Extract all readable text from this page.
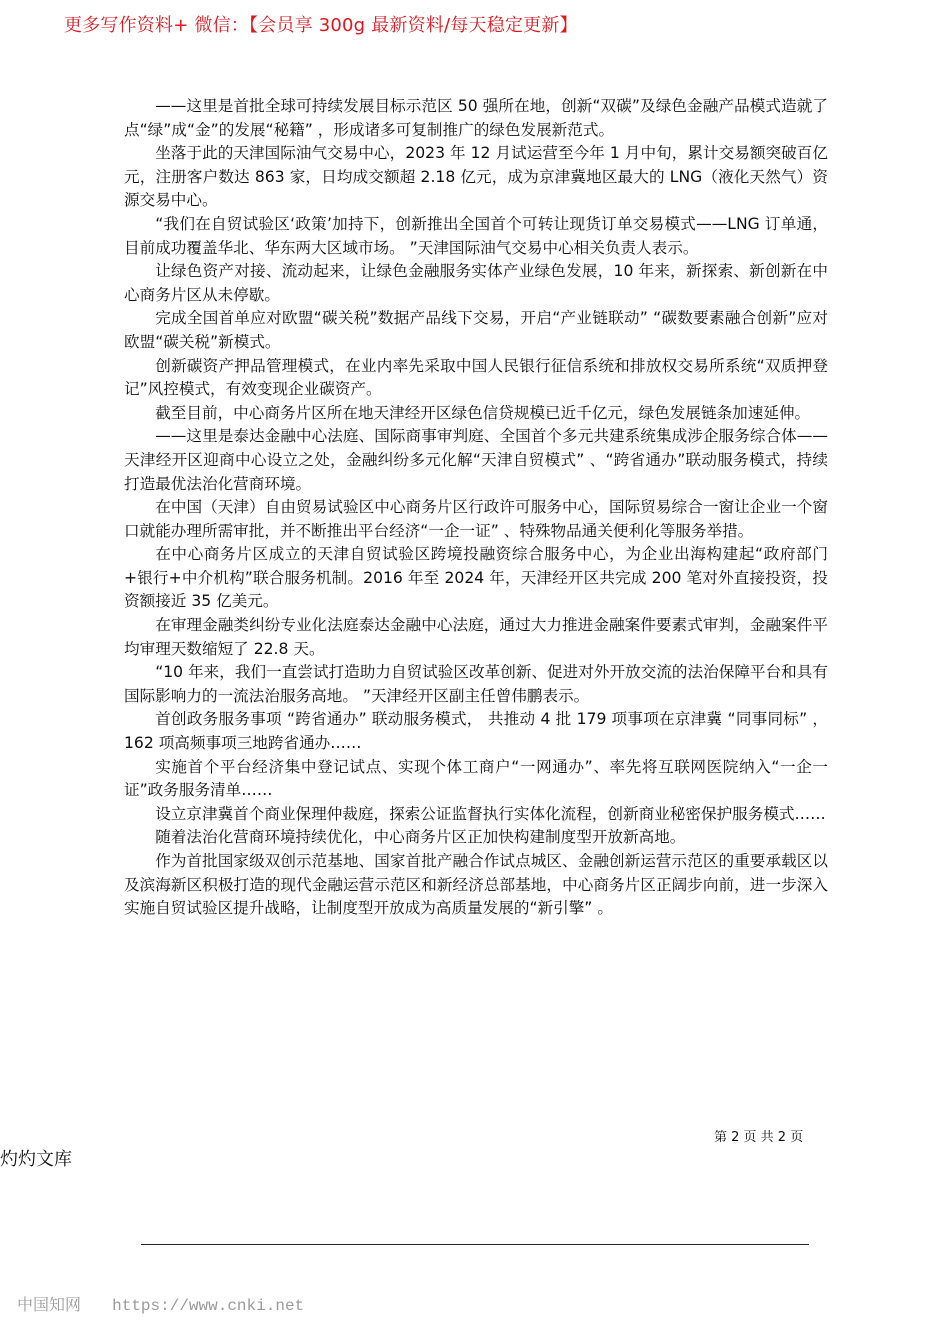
更多写作资料+ 微信：【会员享 300g 最新资料/每天稳定更新】

——这里是首批全球可持续发展目标示范区 50 强所在地，创新“双碳”及绿色金融产品模式造就了点“绿”成“金”的发展“秘籍” ，形成诸多可复制推广的绿色发展新范式。

坐落于此的天津国际油气交易中心，2023 年 12 月试运营至今年 1 月中旬，累计交易额突破百亿元，注册客户数达 863 家，日均成交额超 2.18 亿元，成为京津冀地区最大的 LNG（液化天然气）资源交易中心。

“我们在自贸试验区‘政策’加持下，创新推出全国首个可转让现货订单交易模式——LNG 订单通，目前成功覆盖华北、华东两大区域市场。 ”天津国际油气交易中心相关负责人表示。

让绿色资产对接、流动起来，让绿色金融服务实体产业绿色发展，10 年来，新探索、新创新在中心商务片区从未停歇。

完成全国首单应对欧盟“碳关税”数据产品线下交易，开启“产业链联动” “碳数要素融合创新”应对欧盟“碳关税”新模式。

创新碳资产押品管理模式，在业内率先采取中国人民银行征信系统和排放权交易所系统“双质押登记”风控模式，有效变现企业碳资产。

截至目前，中心商务片区所在地天津经开区绿色信贷规模已近千亿元，绿色发展链条加速延伸。

——这里是泰达金融中心法庭、国际商事审判庭、全国首个多元共建系统集成涉企服务综合体——天津经开区迎商中心设立之处，金融纠纷多元化解“天津自贸模式” 、“跨省通办”联动服务模式，持续打造最优法治化营商环境。

在中国（天津）自由贸易试验区中心商务片区行政许可服务中心，国际贸易综合一窗让企业一个窗口就能办理所需审批，并不断推出平台经济“一企一证” 、特殊物品通关便利化等服务举措。

在中心商务片区成立的天津自贸试验区跨境投融资综合服务中心，为企业出海构建起“政府部门+银行+中介机构”联合服务机制。2016 年至 2024 年，天津经开区共完成 200 笔对外直接投资，投资额接近 35 亿美元。

在审理金融类纠纷专业化法庭泰达金融中心法庭，通过大力推进金融案件要素式审判，金融案件平均审理天数缩短了 22.8 天。

“10 年来，我们一直尝试打造助力自贸试验区改革创新、促进对外开放交流的法治保障平台和具有国际影响力的一流法治服务高地。 ”天津经开区副主任曾伟鹏表示。

首创政务服务事项 “跨省通办” 联动服务模式， 共推动 4 批 179 项事项在京津冀 “同事同标” ，162 项高频事项三地跨省通办……

实施首个平台经济集中登记试点、实现个体工商户“一网通办”、率先将互联网医院纳入“一企一证”政务服务清单……

设立京津冀首个商业保理仲裁庭，探索公证监督执行实体化流程，创新商业秘密保护服务模式……

随着法治化营商环境持续优化，中心商务片区正加快构建制度型开放新高地。

作为首批国家级双创示范基地、国家首批产融合作试点城区、金融创新运营示范区的重要承载区以及滨海新区积极打造的现代金融运营示范区和新经济总部基地，中心商务片区正阔步向前，进一步深入实施自贸试验区提升战略，让制度型开放成为高质量发展的“新引擎” 。

第 2 页 共 2 页
灼灼文库
中国知网 https://www.cnki.net
